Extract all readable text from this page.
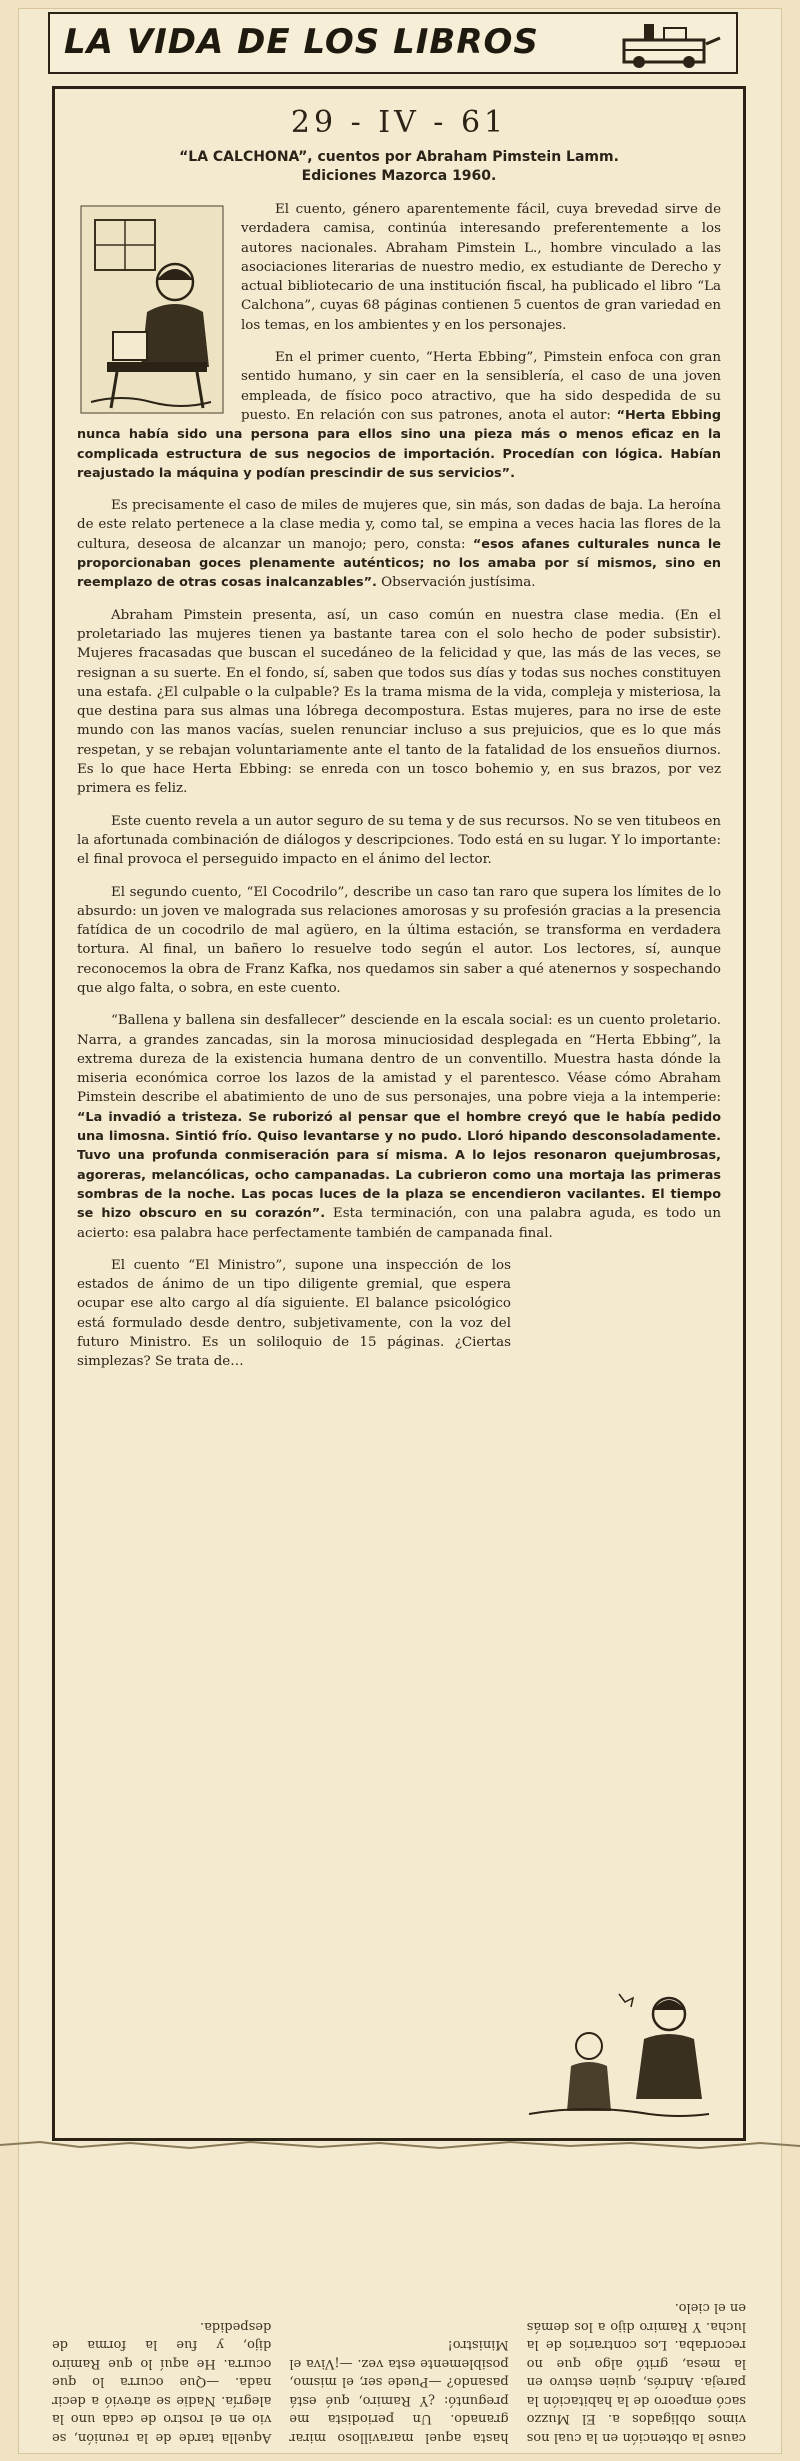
LA VIDA DE LOS LIBROS
29 - IV - 61
“LA CALCHONA”, cuentos por Abraham Pimstein Lamm.
Ediciones Mazorca 1960.

El cuento, género aparentemente fácil, cuya brevedad sirve de verdadera camisa, continúa interesando preferentemente a los autores nacionales. Abraham Pimstein L., hombre vinculado a las asociaciones literarias de nuestro medio, ex estudiante de Derecho y actual bibliotecario de una institución fiscal, ha publicado el libro “La Calchona”, cuyas 68 páginas contienen 5 cuentos de gran variedad en los temas, en los ambientes y en los personajes.

En el primer cuento, “Herta Ebbing”, Pimstein enfoca con gran sentido humano, y sin caer en la sensiblería, el caso de una joven empleada, de físico poco atractivo, que ha sido despedida de su puesto. En relación con sus patrones, anota el autor: “Herta Ebbing nunca había sido una persona para ellos sino una pieza más o menos eficaz en la complicada estructura de sus negocios de importación. Procedían con lógica. Habían reajustado la máquina y podían prescindir de sus servicios”.

Es precisamente el caso de miles de mujeres que, sin más, son dadas de baja. La heroína de este relato pertenece a la clase media y, como tal, se empina a veces hacia las flores de la cultura, deseosa de alcanzar un manojo; pero, consta: “esos afanes culturales nunca le proporcionaban goces plenamente auténticos; no los amaba por sí mismos, sino en reemplazo de otras cosas inalcanzables”. Observación justísima.

Abraham Pimstein presenta, así, un caso común en nuestra clase media. (En el proletariado las mujeres tienen ya bastante tarea con el solo hecho de poder subsistir). Mujeres fracasadas que buscan el sucedáneo de la felicidad y que, las más de las veces, se resignan a su suerte. En el fondo, sí, saben que todos sus días y todas sus noches constituyen una estafa. ¿El culpable o la culpable? Es la trama misma de la vida, compleja y misteriosa, la que destina para sus almas una lóbrega decompostura. Estas mujeres, para no irse de este mundo con las manos vacías, suelen renunciar incluso a sus prejuicios, que es lo que más respetan, y se rebajan voluntariamente ante el tanto de la fatalidad de los ensueños diurnos. Es lo que hace Herta Ebbing: se enreda con un tosco bohemio y, en sus brazos, por vez primera es feliz.

Este cuento revela a un autor seguro de su tema y de sus recursos. No se ven titubeos en la afortunada combinación de diálogos y descripciones. Todo está en su lugar. Y lo importante: el final provoca el perseguido impacto en el ánimo del lector.

El segundo cuento, “El Cocodrilo”, describe un caso tan raro que supera los límites de lo absurdo: un joven ve malograda sus relaciones amorosas y su profesión gracias a la presencia fatídica de un cocodrilo de mal agüero, en la última estación, se transforma en verdadera tortura. Al final, un bañero lo resuelve todo según el autor. Los lectores, sí, aunque reconocemos la obra de Franz Kafka, nos quedamos sin saber a qué atenernos y sospechando que algo falta, o sobra, en este cuento.

“Ballena y ballena sin desfallecer” desciende en la escala social: es un cuento proletario. Narra, a grandes zancadas, sin la morosa minuciosidad desplegada en “Herta Ebbing”, la extrema dureza de la existencia humana dentro de un conventillo. Muestra hasta dónde la miseria económica corroe los lazos de la amistad y el parentesco. Véase cómo Abraham Pimstein describe el abatimiento de uno de sus personajes, una pobre vieja a la intemperie: “La invadió a tristeza. Se ruborizó al pensar que el hombre creyó que le había pedido una limosna. Sintió frío. Quiso levantarse y no pudo. Lloró hipando desconsoladamente. Tuvo una profunda conmiseración para sí misma. A lo lejos resonaron quejumbrosas, agoreras, melancólicas, ocho campanadas. La cubrieron como una mortaja las primeras sombras de la noche. Las pocas luces de la plaza se encendieron vacilantes. El tiempo se hizo obscuro en su corazón”. Esta terminación, con una palabra aguda, es todo un acierto: esa palabra hace perfectamente también de campanada final.

El cuento “El Ministro”, supone una inspección de los estados de ánimo de un tipo diligente gremial, que espera ocupar ese alto cargo al día siguiente. El balance psicológico está formulado desde dentro, subjetivamente, con la voz del futuro Ministro. Es un soliloquio de 15 páginas. ¿Ciertas simplezas? Se trata de…

cause la obtención en la cual nos vimos obligados a. El Muzzo sacó empeoro de la habitación la pareja. Andrés, quien estuvo en la mesa, gritó algo que no recordaba. Los contrarios de la lucha. Y Ramiro dijo a los demás en el cielo.
hasta aquel maravilloso mirar granado. Un periodista me preguntó: ¿Y Ramiro, qué está pasando? —Puede ser, el mismo, posiblemente esta vez. —¡Viva el Ministro!
Aquella tarde de la reunión, se vio en el rostro de cada uno la alegría. Nadie se atrevió a decir nada. —Que ocurra lo que ocurra. He aquí lo que Ramiro dijo, y fue la forma de despedida.
